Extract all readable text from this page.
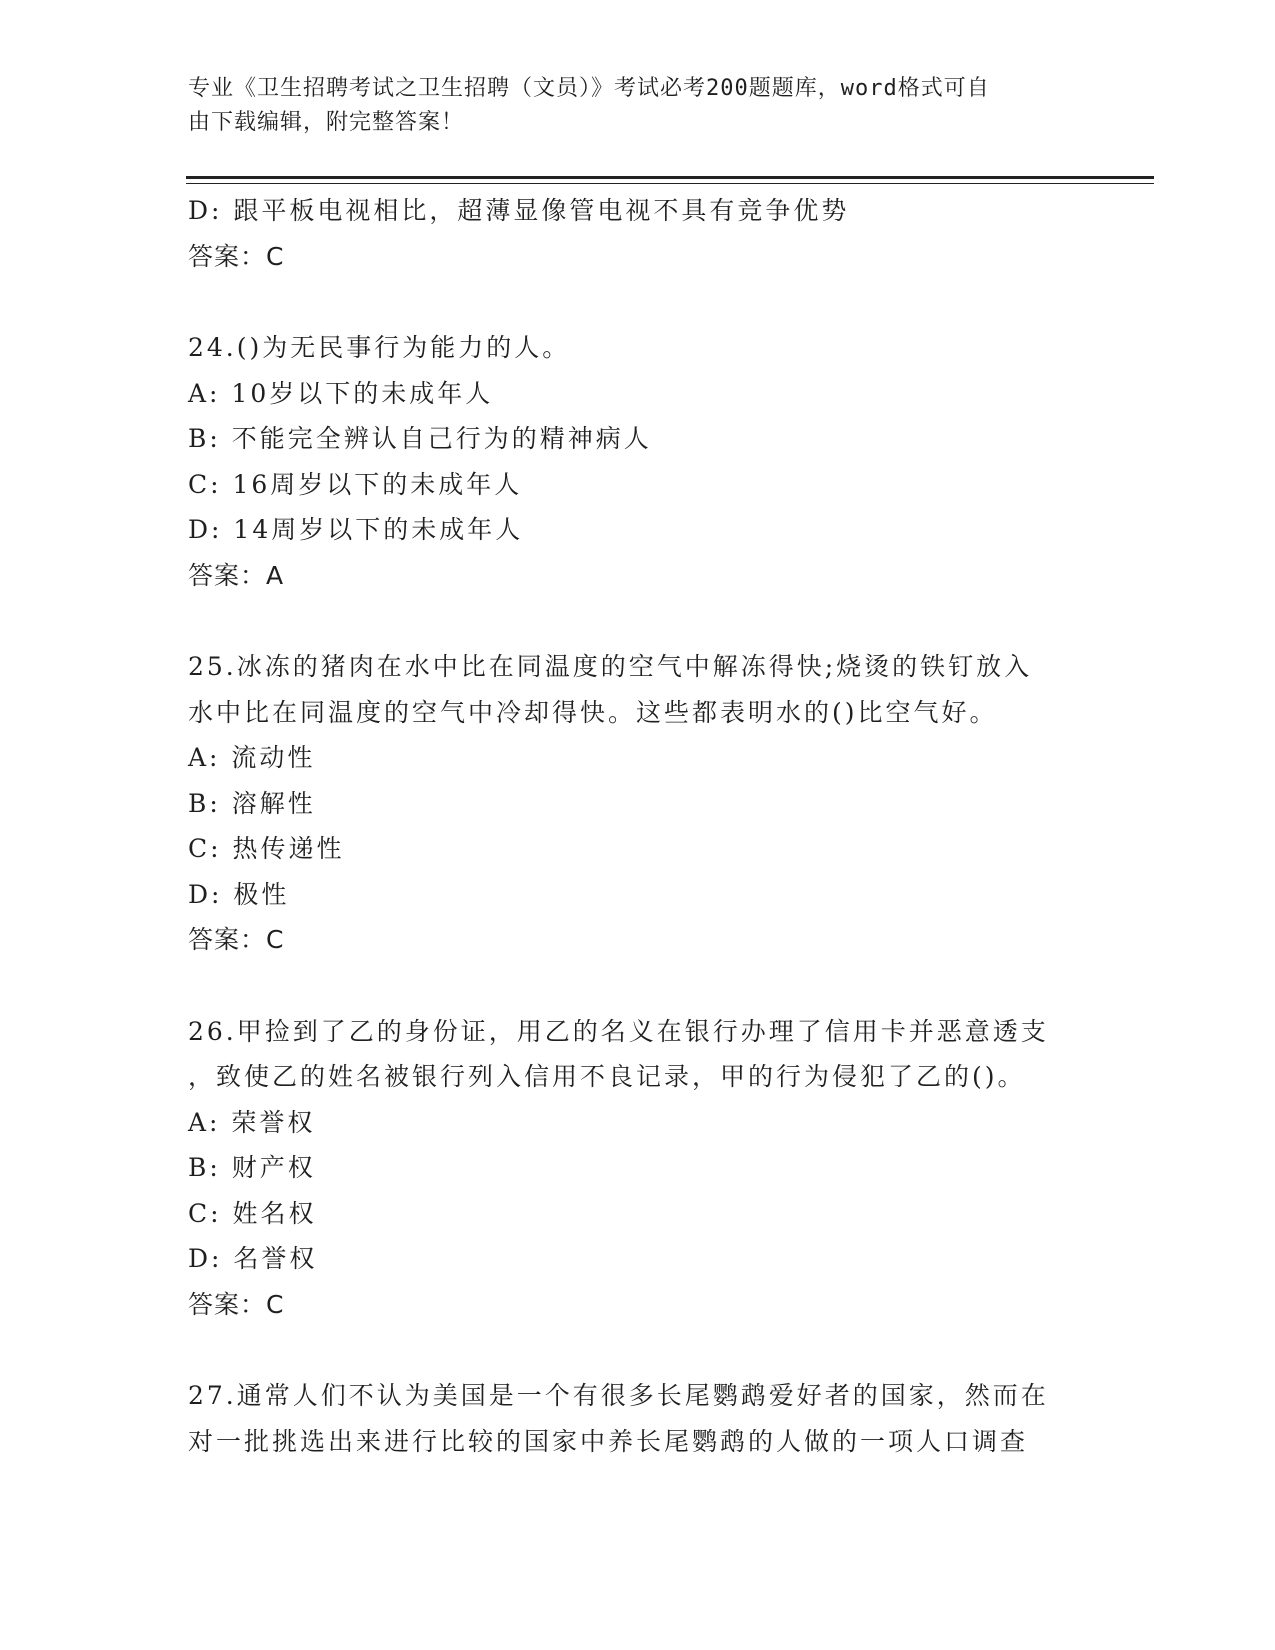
专业《卫生招聘考试之卫生招聘（文员）》考试必考200题题库，word格式可自
由下载编辑，附完整答案！

D: 跟平板电视相比，超薄显像管电视不具有竞争优势

答案：C

24.()为无民事行为能力的人。

A: 10岁以下的未成年人

B: 不能完全辨认自己行为的精神病人

C: 16周岁以下的未成年人

D: 14周岁以下的未成年人

答案：A

25.冰冻的猪肉在水中比在同温度的空气中解冻得快;烧烫的铁钉放入

水中比在同温度的空气中冷却得快。这些都表明水的()比空气好。

A: 流动性

B: 溶解性

C: 热传递性

D: 极性

答案：C

26.甲捡到了乙的身份证，用乙的名义在银行办理了信用卡并恶意透支

，致使乙的姓名被银行列入信用不良记录，甲的行为侵犯了乙的()。

A: 荣誉权

B: 财产权

C: 姓名权

D: 名誉权

答案：C

27.通常人们不认为美国是一个有很多长尾鹦鹉爱好者的国家，然而在

对一批挑选出来进行比较的国家中养长尾鹦鹉的人做的一项人口调查
